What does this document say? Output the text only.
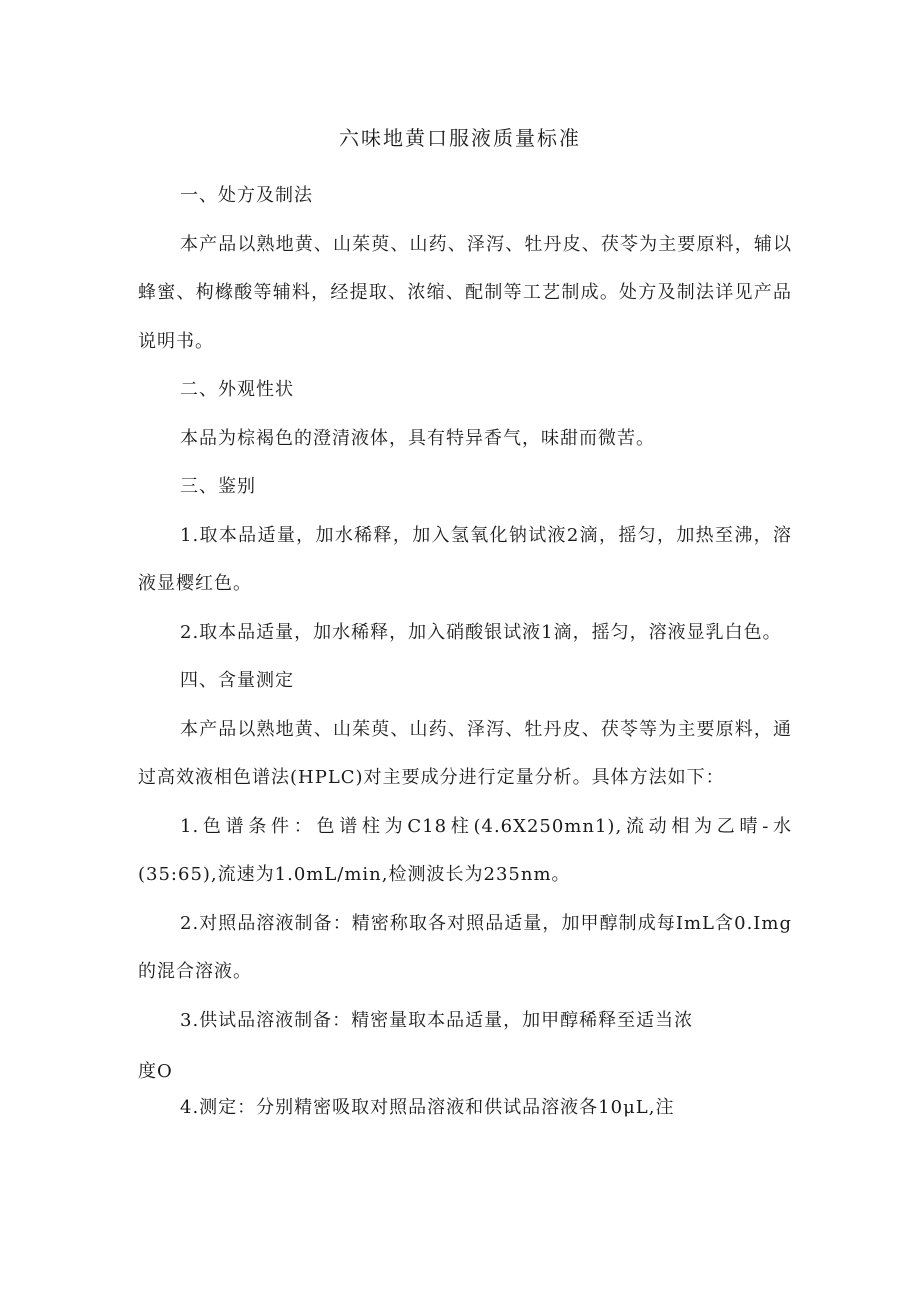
六味地黄口服液质量标准

一、处方及制法

本产品以熟地黄、山茱萸、山药、泽泻、牡丹皮、茯苓为主要原料，辅以蜂蜜、枸橼酸等辅料，经提取、浓缩、配制等工艺制成。处方及制法详见产品说明书。

二、外观性状

本品为棕褐色的澄清液体，具有特异香气，味甜而微苦。

三、鉴别

1.取本品适量，加水稀释，加入氢氧化钠试液2滴，摇匀，加热至沸，溶液显樱红色。

2.取本品适量，加水稀释，加入硝酸银试液1滴，摇匀，溶液显乳白色。

四、含量测定

本产品以熟地黄、山茱萸、山药、泽泻、牡丹皮、茯苓等为主要原料，通过高效液相色谱法(HPLC)对主要成分进行定量分析。具体方法如下：

1.色谱条件：色谱柱为C18柱(4.6X250mn1),流动相为乙晴-水(35:65),流速为1.0mL/min,检测波长为235nm。

2.对照品溶液制备：精密称取各对照品适量，加甲醇制成每ImL含0.Img的混合溶液。

3.供试品溶液制备：精密量取本品适量，加甲醇稀释至适当浓

度O

4.测定：分别精密吸取对照品溶液和供试品溶液各10μL,注
